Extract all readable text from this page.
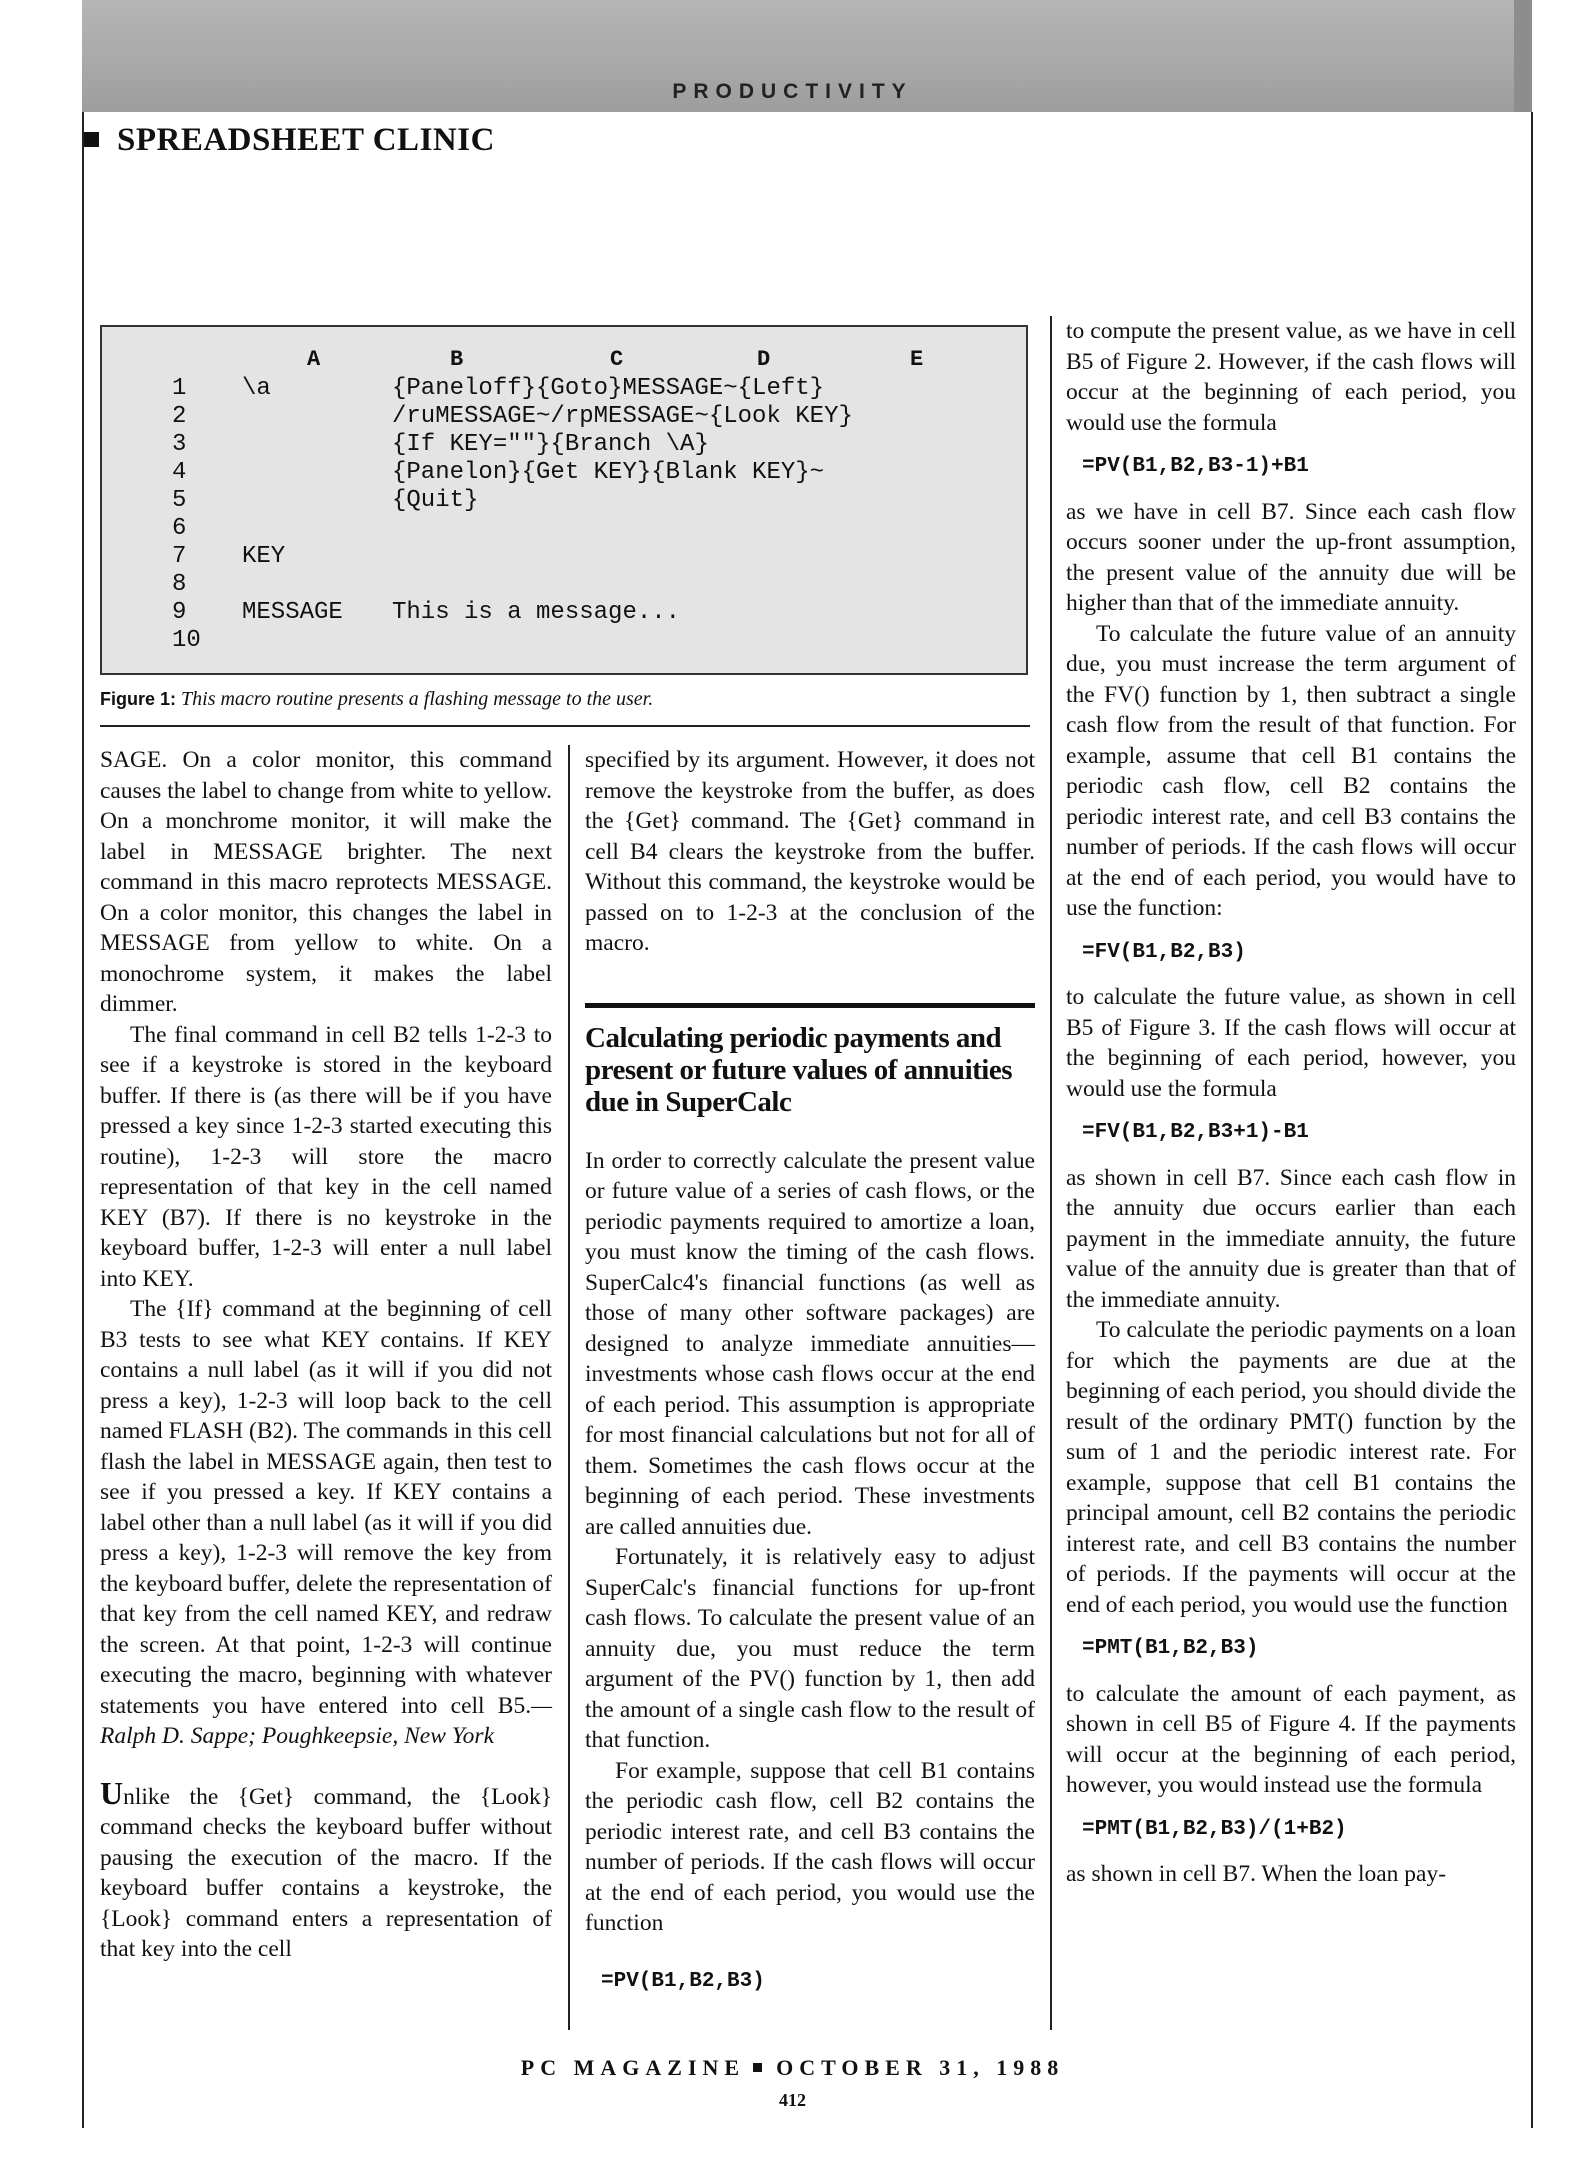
PRODUCTIVITY
SPREADSHEET CLINIC
A	B	C	D	E
1	\a	{Paneloff}{Goto}MESSAGE~{Left}
2	/ruMESSAGE~/rpMESSAGE~{Look KEY}
3	{If KEY=""}{Branch \A}
4	{Panelon}{Get KEY}{Blank KEY}~
5	{Quit}
6
7	KEY
8
9	MESSAGE This is a message...
10
Figure 1: This macro routine presents a flashing message to the user.

SAGE. On a color monitor, this command causes the label to change from white to yellow. On a monchrome monitor, it will make the label in MESSAGE brighter. The next command in this macro reprotects MESSAGE. On a color monitor, this changes the label in MESSAGE from yellow to white. On a monochrome system, it makes the label dimmer.

The final command in cell B2 tells 1-2-3 to see if a keystroke is stored in the keyboard buffer. If there is (as there will be if you have pressed a key since 1-2-3 started executing this routine), 1-2-3 will store the macro representation of that key in the cell named KEY (B7). If there is no keystroke in the keyboard buffer, 1-2-3 will enter a null label into KEY.

The {If} command at the beginning of cell B3 tests to see what KEY contains. If KEY contains a null label (as it will if you did not press a key), 1-2-3 will loop back to the cell named FLASH (B2). The commands in this cell flash the label in MESSAGE again, then test to see if you pressed a key. If KEY contains a label other than a null label (as it will if you did press a key), 1-2-3 will remove the key from the keyboard buffer, delete the representation of that key from the cell named KEY, and redraw the screen. At that point, 1-2-3 will continue executing the macro, beginning with whatever statements you have entered into cell B5.—Ralph D. Sappe; Poughkeepsie, New York

Unlike the {Get} command, the {Look} command checks the keyboard buffer without pausing the execution of the macro. If the keyboard buffer contains a keystroke, the {Look} command enters a representation of that key into the cell

specified by its argument. However, it does not remove the keystroke from the buffer, as does the {Get} command. The {Get} command in cell B4 clears the keystroke from the buffer. Without this command, the keystroke would be passed on to 1-2-3 at the conclusion of the macro.

Calculating periodic payments and present or future values of annuities due in SuperCalc

In order to correctly calculate the present value or future value of a series of cash flows, or the periodic payments required to amortize a loan, you must know the timing of the cash flows. SuperCalc4's financial functions (as well as those of many other software packages) are designed to analyze immediate annuities—investments whose cash flows occur at the end of each period. This assumption is appropriate for most financial calculations but not for all of them. Sometimes the cash flows occur at the beginning of each period. These investments are called annuities due.

Fortunately, it is relatively easy to adjust SuperCalc's financial functions for up-front cash flows. To calculate the present value of an annuity due, you must reduce the term argument of the PV() function by 1, then add the amount of a single cash flow to the result of that function.

For example, suppose that cell B1 contains the periodic cash flow, cell B2 contains the periodic interest rate, and cell B3 contains the number of periods. If the cash flows will occur at the end of each period, you would use the function

=PV(B1,B2,B3)

to compute the present value, as we have in cell B5 of Figure 2. However, if the cash flows will occur at the beginning of each period, you would use the formula

=PV(B1,B2,B3-1)+B1

as we have in cell B7. Since each cash flow occurs sooner under the up-front assumption, the present value of the annuity due will be higher than that of the immediate annuity.

To calculate the future value of an annuity due, you must increase the term argument of the FV() function by 1, then subtract a single cash flow from the result of that function. For example, assume that cell B1 contains the periodic cash flow, cell B2 contains the periodic interest rate, and cell B3 contains the number of periods. If the cash flows will occur at the end of each period, you would have to use the function:

=FV(B1,B2,B3)

to calculate the future value, as shown in cell B5 of Figure 3. If the cash flows will occur at the beginning of each period, however, you would use the formula

=FV(B1,B2,B3+1)-B1

as shown in cell B7. Since each cash flow in the annuity due occurs earlier than each payment in the immediate annuity, the future value of the annuity due is greater than that of the immediate annuity.

To calculate the periodic payments on a loan for which the payments are due at the beginning of each period, you should divide the result of the ordinary PMT() function by the sum of 1 and the periodic interest rate. For example, suppose that cell B1 contains the principal amount, cell B2 contains the periodic interest rate, and cell B3 contains the number of periods. If the payments will occur at the end of each period, you would use the function

=PMT(B1,B2,B3)

to calculate the amount of each payment, as shown in cell B5 of Figure 4. If the payments will occur at the beginning of each period, however, you would instead use the formula

=PMT(B1,B2,B3)/(1+B2)

as shown in cell B7. When the loan pay-

PC MAGAZINE OCTOBER 31, 1988
412
